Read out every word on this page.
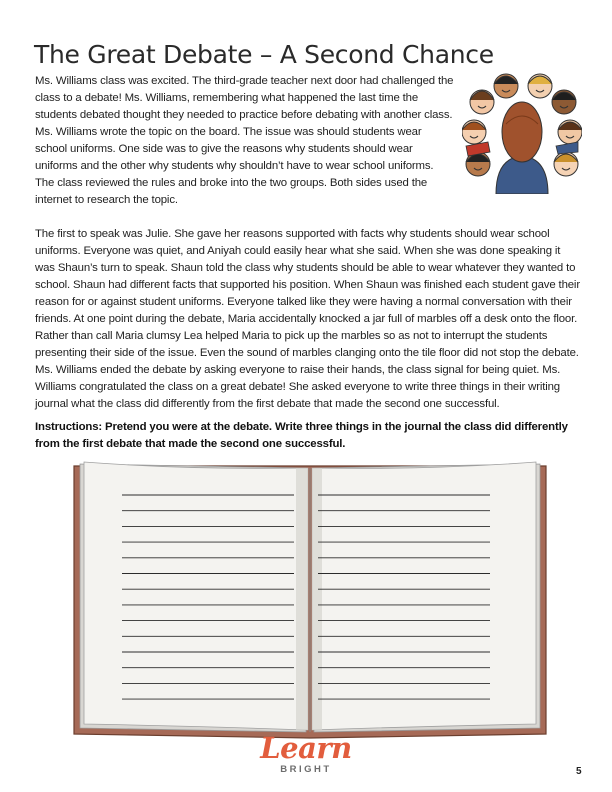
The Great Debate – A Second Chance

Ms. Williams class was excited. The third-grade teacher next door had challenged the class to a debate! Ms. Williams, remembering what happened the last time the students debated thought they needed to practice before debating with another class. Ms. Williams wrote the topic on the board. The issue was should students wear school uniforms. One side was to give the reasons why students should wear uniforms and the other why students why shouldn’t have to wear school uniforms. The class reviewed the rules and broke into the two groups. Both sides used the internet to research the topic.

The first to speak was Julie. She gave her reasons supported with facts why students should wear school uniforms. Everyone was quiet, and Aniyah could easily hear what she said. When she was done speaking it was Shaun’s turn to speak. Shaun told the class why students should be able to wear whatever they wanted to school. Shaun had different facts that supported his position. When Shaun was finished each student gave their reason for or against student uniforms. Everyone talked like they were having a normal conversation with their friends. At one point during the debate, Maria accidentally knocked a jar full of marbles off a desk onto the floor. Rather than call Maria clumsy Lea helped Maria to pick up the marbles so as not to interrupt the students presenting their side of the issue. Even the sound of marbles clanging onto the tile floor did not stop the debate. Ms. Williams ended the debate by asking everyone to raise their hands, the class signal for being quiet. Ms. Williams congratulated the class on a great debate! She asked everyone to write three things in their writing journal what the class did differently from the first debate that made the second one successful.

Instructions: Pretend you were at the debate. Write three things in the journal the class did differently from the first debate that made the second one successful.

Learn
BRIGHT	5
